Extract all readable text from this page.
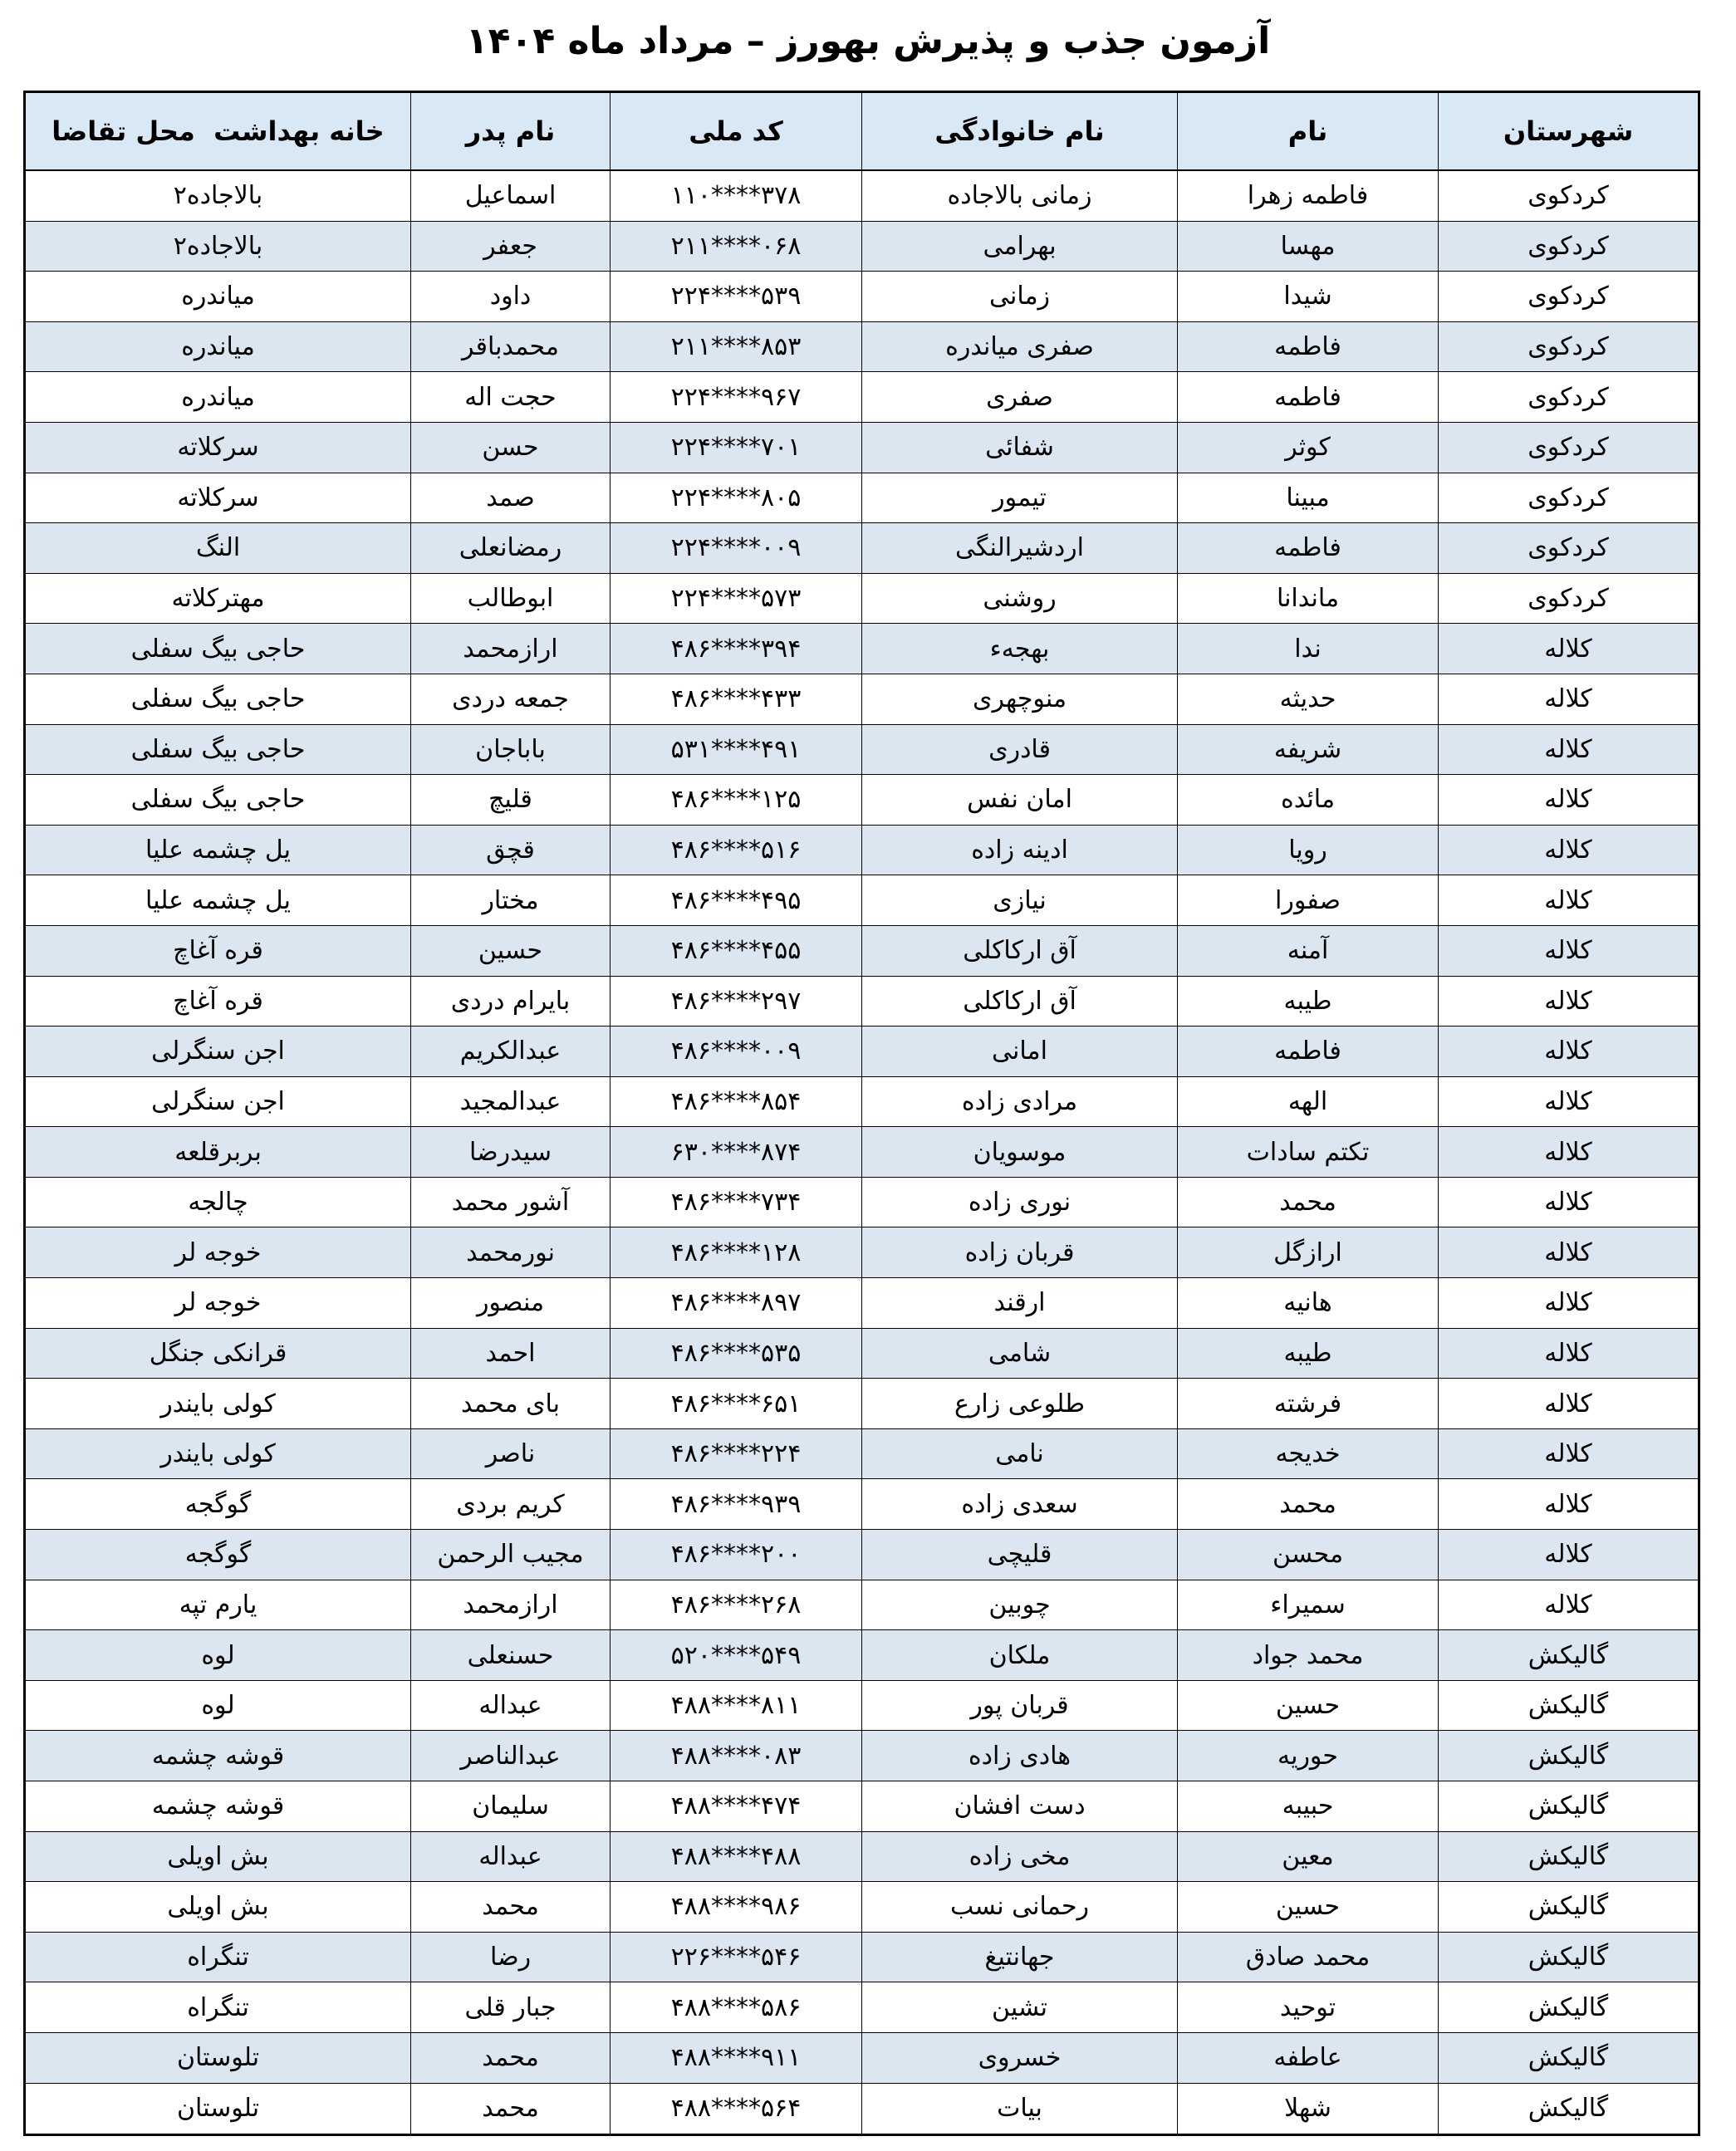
آزمون جذب و پذیرش بهورز – مرداد ماه ۱۴۰۴
شهرستان
نام
نام خانوادگی
کد ملی
نام پدر
خانه بهداشت  محل تقاضا
کردکوی
فاطمه زهرا
زمانی بالاجاده
۱۱۰****۳۷۸
اسماعیل
بالاجاده۲
کردکوی
مهسا
بهرامی
۲۱۱****۰۶۸
جعفر
بالاجاده۲
کردکوی
شیدا
زمانی
۲۲۴****۵۳۹
داود
میاندره
کردکوی
فاطمه
صفری میاندره
۲۱۱****۸۵۳
محمدباقر
میاندره
کردکوی
فاطمه
صفری
۲۲۴****۹۶۷
حجت اله
میاندره
کردکوی
کوثر
شفائی
۲۲۴****۷۰۱
حسن
سرکلاته
کردکوی
مبینا
تیمور
۲۲۴****۸۰۵
صمد
سرکلاته
کردکوی
فاطمه
اردشیرالنگی
۲۲۴****۰۰۹
رمضانعلی
النگ
کردکوی
ماندانا
روشنی
۲۲۴****۵۷۳
ابوطالب
مهترکلاته
کلاله
ندا
بهجهء
۴۸۶****۳۹۴
ارازمحمد
حاجی بیگ سفلی
کلاله
حدیثه
منوچهری
۴۸۶****۴۳۳
جمعه دردی
حاجی بیگ سفلی
کلاله
شریفه
قادری
۵۳۱****۴۹۱
باباجان
حاجی بیگ سفلی
کلاله
مائده
امان نفس
۴۸۶****۱۲۵
قلیچ
حاجی بیگ سفلی
کلاله
رویا
ادینه زاده
۴۸۶****۵۱۶
قچق
یل چشمه علیا
کلاله
صفورا
نیازی
۴۸۶****۴۹۵
مختار
یل چشمه علیا
کلاله
آمنه
آق ارکاکلی
۴۸۶****۴۵۵
حسین
قره آغاچ
کلاله
طیبه
آق ارکاکلی
۴۸۶****۲۹۷
بایرام دردی
قره آغاچ
کلاله
فاطمه
امانی
۴۸۶****۰۰۹
عبدالکریم
اجن سنگرلی
کلاله
الهه
مرادی زاده
۴۸۶****۸۵۴
عبدالمجید
اجن سنگرلی
کلاله
تکتم سادات
موسویان
۶۳۰****۸۷۴
سیدرضا
بربرقلعه
کلاله
محمد
نوری زاده
۴۸۶****۷۳۴
آشور محمد
چالجه
کلاله
ارازگل
قربان زاده
۴۸۶****۱۲۸
نورمحمد
خوجه لر
کلاله
هانیه
ارقند
۴۸۶****۸۹۷
منصور
خوجه لر
کلاله
طیبه
شامی
۴۸۶****۵۳۵
احمد
قرانکی جنگل
کلاله
فرشته
طلوعی زارع
۴۸۶****۶۵۱
بای محمد
کولی بایندر
کلاله
خدیجه
نامی
۴۸۶****۲۲۴
ناصر
کولی بایندر
کلاله
محمد
سعدی زاده
۴۸۶****۹۳۹
کریم بردی
گوگجه
کلاله
محسن
قلیچی
۴۸۶****۲۰۰
مجیب الرحمن
گوگجه
کلاله
سمیراء
چوبین
۴۸۶****۲۶۸
ارازمحمد
یارم تپه
گالیکش
محمد جواد
ملکان
۵۲۰****۵۴۹
حسنعلی
لوه
گالیکش
حسین
قربان پور
۴۸۸****۸۱۱
عبداله
لوه
گالیکش
حوریه
هادی زاده
۴۸۸****۰۸۳
عبدالناصر
قوشه چشمه
گالیکش
حبیبه
دست افشان
۴۸۸****۴۷۴
سلیمان
قوشه چشمه
گالیکش
معین
مخی زاده
۴۸۸****۴۸۸
عبداله
بش اویلی
گالیکش
حسین
رحمانی نسب
۴۸۸****۹۸۶
محمد
بش اویلی
گالیکش
محمد صادق
جهانتیغ
۲۲۶****۵۴۶
رضا
تنگراه
گالیکش
توحید
تشین
۴۸۸****۵۸۶
جبار قلی
تنگراه
گالیکش
عاطفه
خسروی
۴۸۸****۹۱۱
محمد
تلوستان
گالیکش
شهلا
بیات
۴۸۸****۵۶۴
محمد
تلوستان
